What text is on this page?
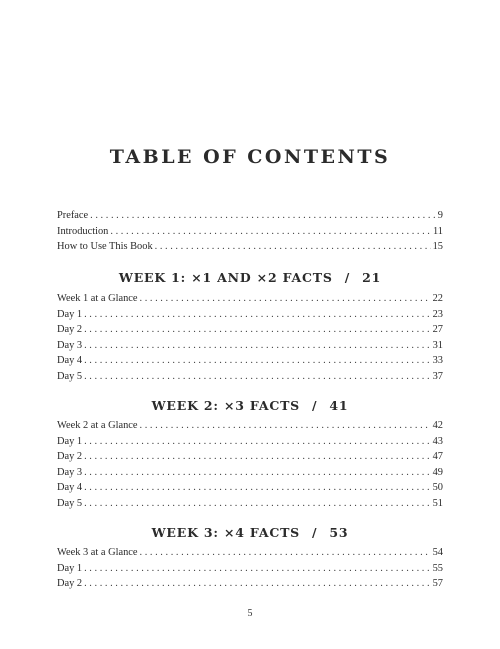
TABLE OF CONTENTS
Preface . . .	9
Introduction . . .	11
How to Use This Book . . .	15
WEEK 1: ×1 AND ×2 FACTS / 21
Week 1 at a Glance . . .	22
Day 1 . . .	23
Day 2 . . .	27
Day 3 . . .	31
Day 4 . . .	33
Day 5 . . .	37
WEEK 2: ×3 FACTS / 41
Week 2 at a Glance . . .	42
Day 1 . . .	43
Day 2 . . .	47
Day 3 . . .	49
Day 4 . . .	50
Day 5 . . .	51
WEEK 3: ×4 FACTS / 53
Week 3 at a Glance . . .	54
Day 1 . . .	55
Day 2 . . .	57
5
